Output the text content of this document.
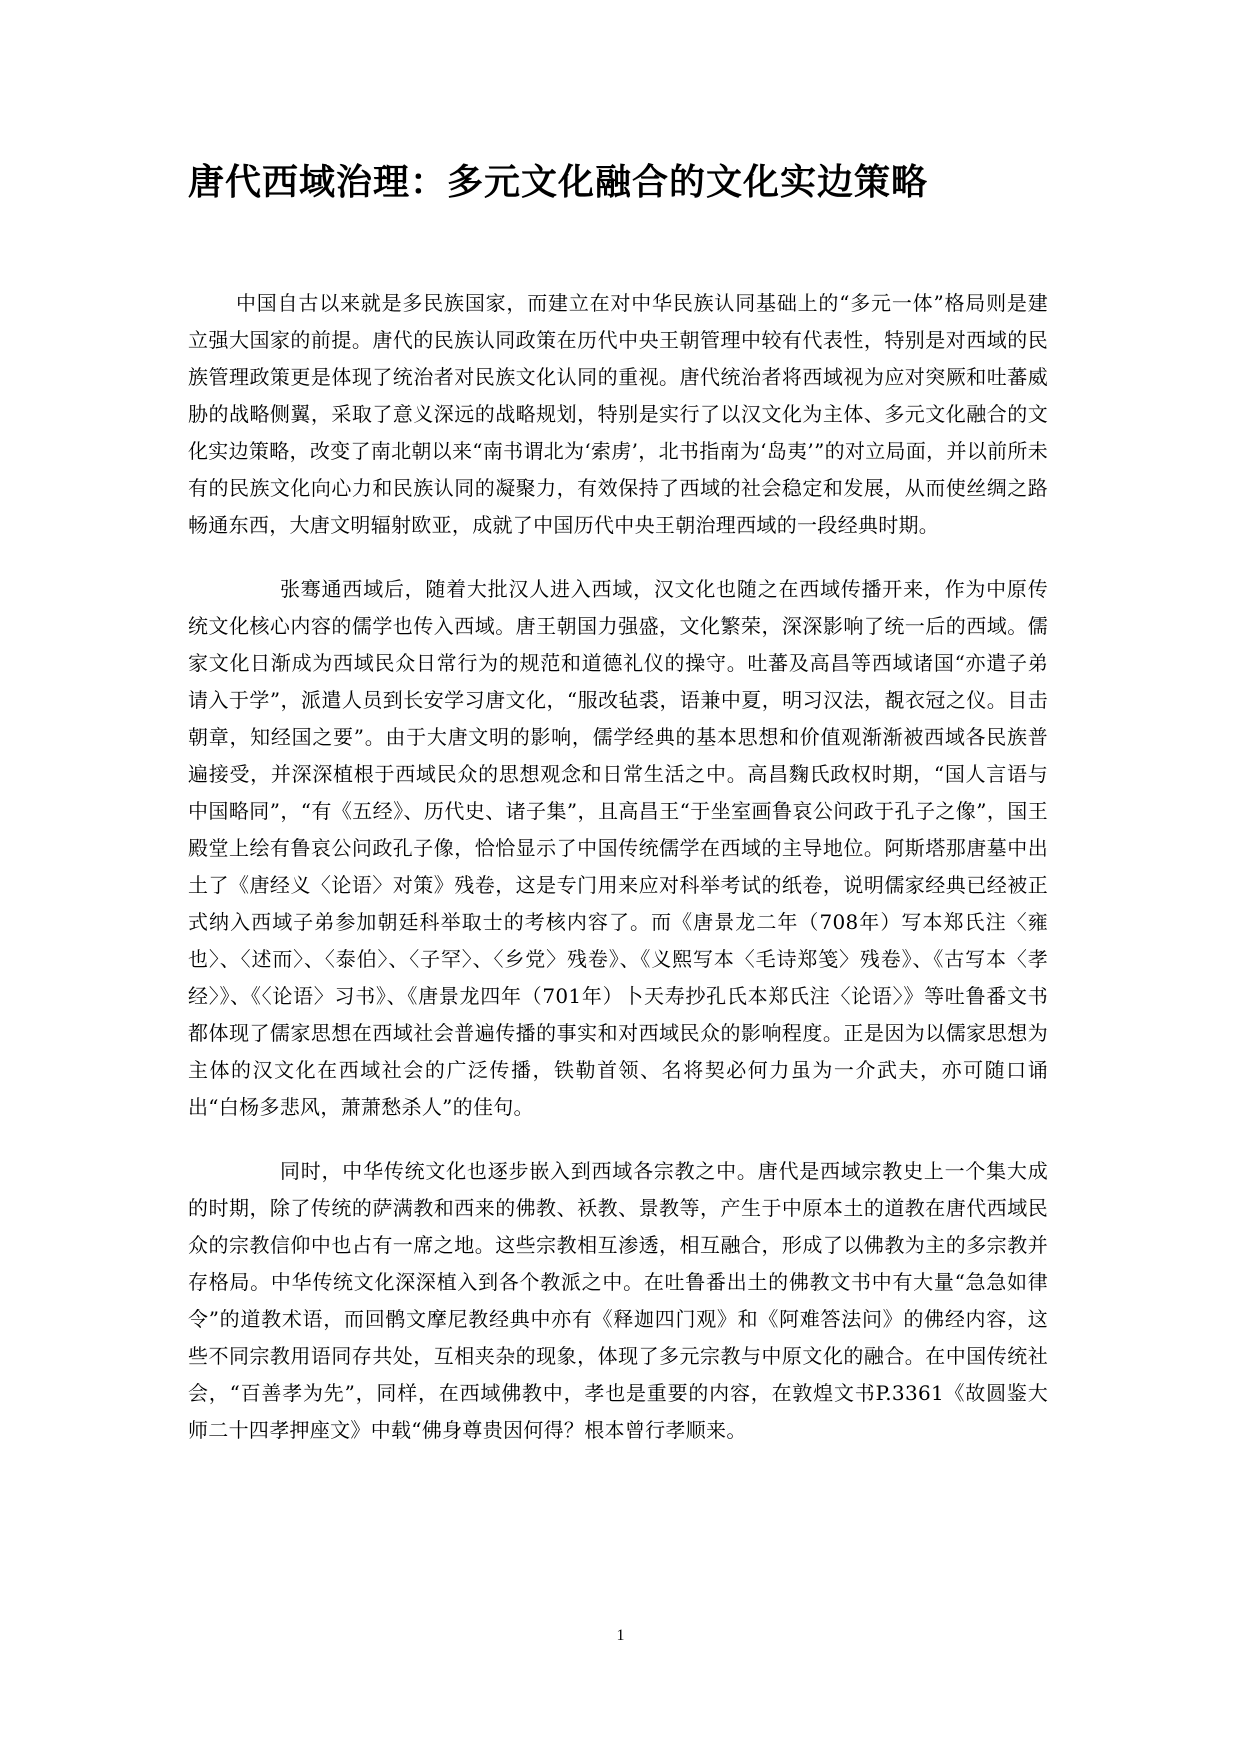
唐代西域治理：多元文化融合的文化实边策略

中国自古以来就是多民族国家，而建立在对中华民族认同基础上的“多元一体”格局则是建立强大国家的前提。唐代的民族认同政策在历代中央王朝管理中较有代表性，特别是对西域的民族管理政策更是体现了统治者对民族文化认同的重视。唐代统治者将西域视为应对突厥和吐蕃威胁的战略侧翼，采取了意义深远的战略规划，特别是实行了以汉文化为主体、多元文化融合的文化实边策略，改变了南北朝以来“南书谓北为‘索虏’，北书指南为‘岛夷’”的对立局面，并以前所未有的民族文化向心力和民族认同的凝聚力，有效保持了西域的社会稳定和发展，从而使丝绸之路畅通东西，大唐文明辐射欧亚，成就了中国历代中央王朝治理西域的一段经典时期。

张骞通西域后，随着大批汉人进入西域，汉文化也随之在西域传播开来，作为中原传统文化核心内容的儒学也传入西域。唐王朝国力强盛，文化繁荣，深深影响了统一后的西域。儒家文化日渐成为西域民众日常行为的规范和道德礼仪的操守。吐蕃及高昌等西域诸国“亦遣子弟请入于学”，派遣人员到长安学习唐文化，“服改毡裘，语兼中夏，明习汉法，覩衣冠之仪。目击朝章，知经国之要”。由于大唐文明的影响，儒学经典的基本思想和价值观渐渐被西域各民族普遍接受，并深深植根于西域民众的思想观念和日常生活之中。高昌麴氏政权时期，“国人言语与中国略同”，“有《五经》、历代史、诸子集”，且高昌王“于坐室画鲁哀公问政于孔子之像”，国王殿堂上绘有鲁哀公问政孔子像，恰恰显示了中国传统儒学在西域的主导地位。阿斯塔那唐墓中出土了《唐经义〈论语〉对策》残卷，这是专门用来应对科举考试的纸卷，说明儒家经典已经被正式纳入西域子弟参加朝廷科举取士的考核内容了。而《唐景龙二年（708年）写本郑氏注〈雍也〉、〈述而〉、〈泰伯〉、〈子罕〉、〈乡党〉残卷》、《义熙写本〈毛诗郑笺〉残卷》、《古写本〈孝经〉》、《〈论语〉习书》、《唐景龙四年（701年）卜天寿抄孔氏本郑氏注〈论语〉》等吐鲁番文书都体现了儒家思想在西域社会普遍传播的事实和对西域民众的影响程度。正是因为以儒家思想为主体的汉文化在西域社会的广泛传播，铁勒首领、名将契必何力虽为一介武夫，亦可随口诵出“白杨多悲风，萧萧愁杀人”的佳句。

同时，中华传统文化也逐步嵌入到西域各宗教之中。唐代是西域宗教史上一个集大成的时期，除了传统的萨满教和西来的佛教、袄教、景教等，产生于中原本土的道教在唐代西域民众的宗教信仰中也占有一席之地。这些宗教相互渗透，相互融合，形成了以佛教为主的多宗教并存格局。中华传统文化深深植入到各个教派之中。在吐鲁番出土的佛教文书中有大量“急急如律令”的道教术语，而回鹘文摩尼教经典中亦有《释迦四门观》和《阿难答法问》的佛经内容，这些不同宗教用语同存共处，互相夹杂的现象，体现了多元宗教与中原文化的融合。在中国传统社会，“百善孝为先”，同样，在西域佛教中，孝也是重要的内容，在敦煌文书P.3361《故圆鉴大师二十四孝押座文》中载“佛身尊贵因何得？根本曾行孝顺来。

1
